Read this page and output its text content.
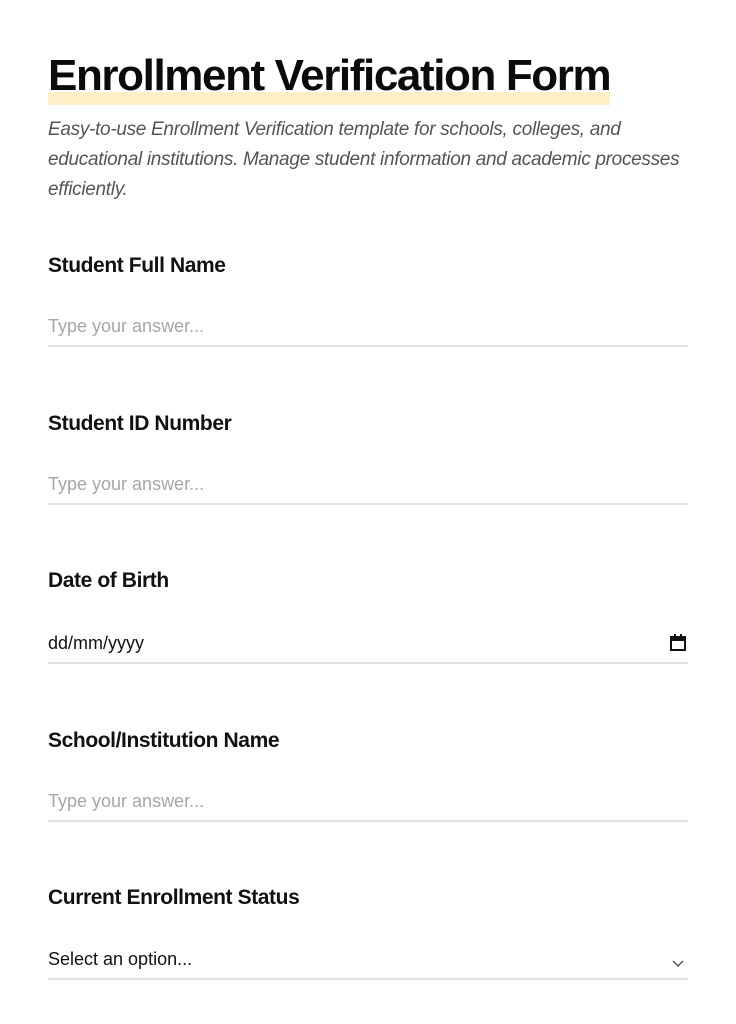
Enrollment Verification Form

Easy-to-use Enrollment Verification template for schools, colleges, and educational institutions. Manage student information and academic processes efficiently.

Student Full Name
Type your answer...
Student ID Number
Type your answer...
Date of Birth
dd/mm/yyyy
School/Institution Name
Type your answer...
Current Enrollment Status
Select an option...
